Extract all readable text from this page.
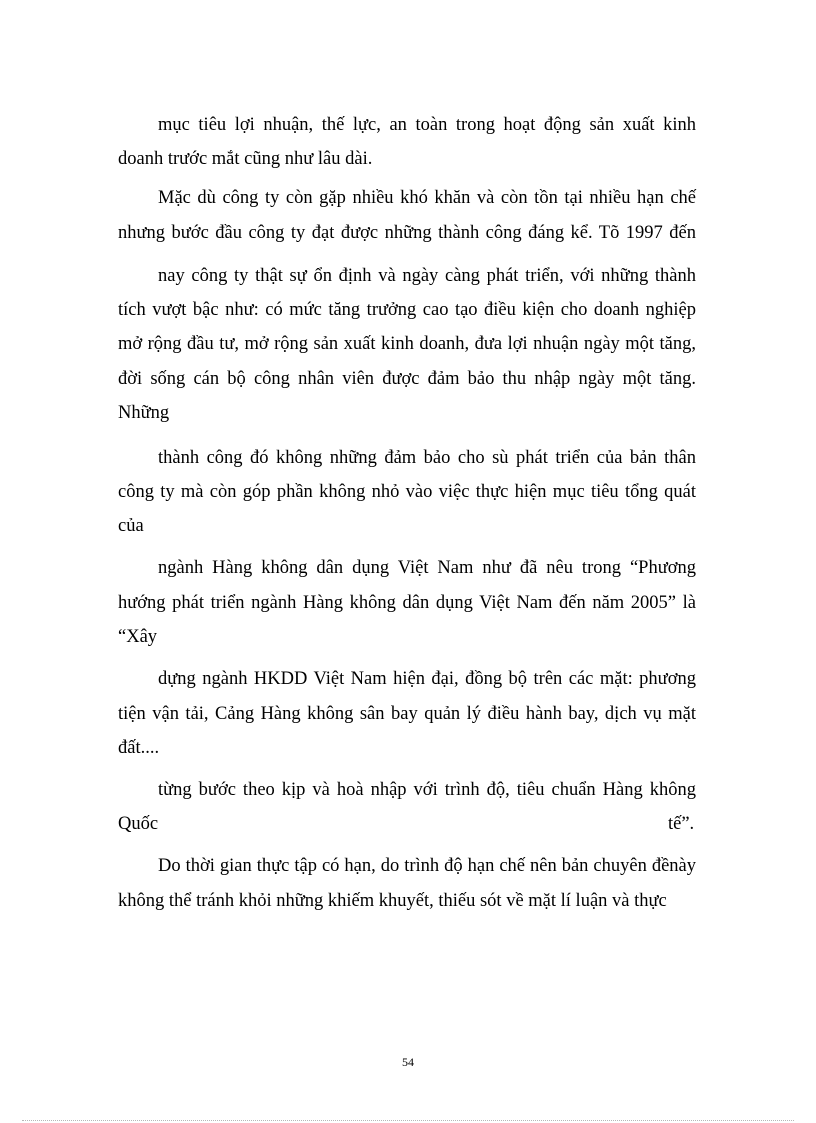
mục tiêu lợi nhuận, thế lực, an toàn trong hoạt động sản xuất kinh
doanh trước mắt cũng như lâu dài.
Mặc dù công ty còn gặp nhiều khó khăn và còn tồn tại nhiều hạn chế
nhưng bước đầu công ty đạt được những thành công đáng kể. Tõ 1997 đến
nay công ty thật sự ổn định và ngày càng phát triển, với những thành
tích vượt bậc như: có mức tăng trưởng cao tạo điều kiện cho doanh nghiệp
mở rộng đầu tư, mở rộng sản xuất kinh doanh, đưa lợi nhuận ngày một tăng,
đời sống cán bộ công nhân viên được đảm bảo thu nhập ngày một tăng.
Những
thành công đó không những đảm bảo cho sù phát triển của bản thân
công ty mà còn góp phần không nhỏ vào việc thực hiện mục tiêu tổng quát
của
ngành Hàng không dân dụng Việt Nam như đã nêu trong “Phương
hướng phát triển ngành Hàng không dân dụng Việt Nam đến năm 2005” là
“Xây
dựng ngành HKDD Việt Nam hiện đại, đồng bộ trên các mặt: phương
tiện vận tải, Cảng Hàng không sân bay quản lý điều hành bay, dịch vụ mặt
đất....
từng bước theo kịp và hoà nhập với trình độ, tiêu chuẩn Hàng không
Quốc	tế”.
Do thời gian thực tập có hạn, do trình độ hạn chế nên bản chuyên đềnày
không thể tránh khỏi những khiếm khuyết, thiếu sót về mặt lí luận và thực
54
